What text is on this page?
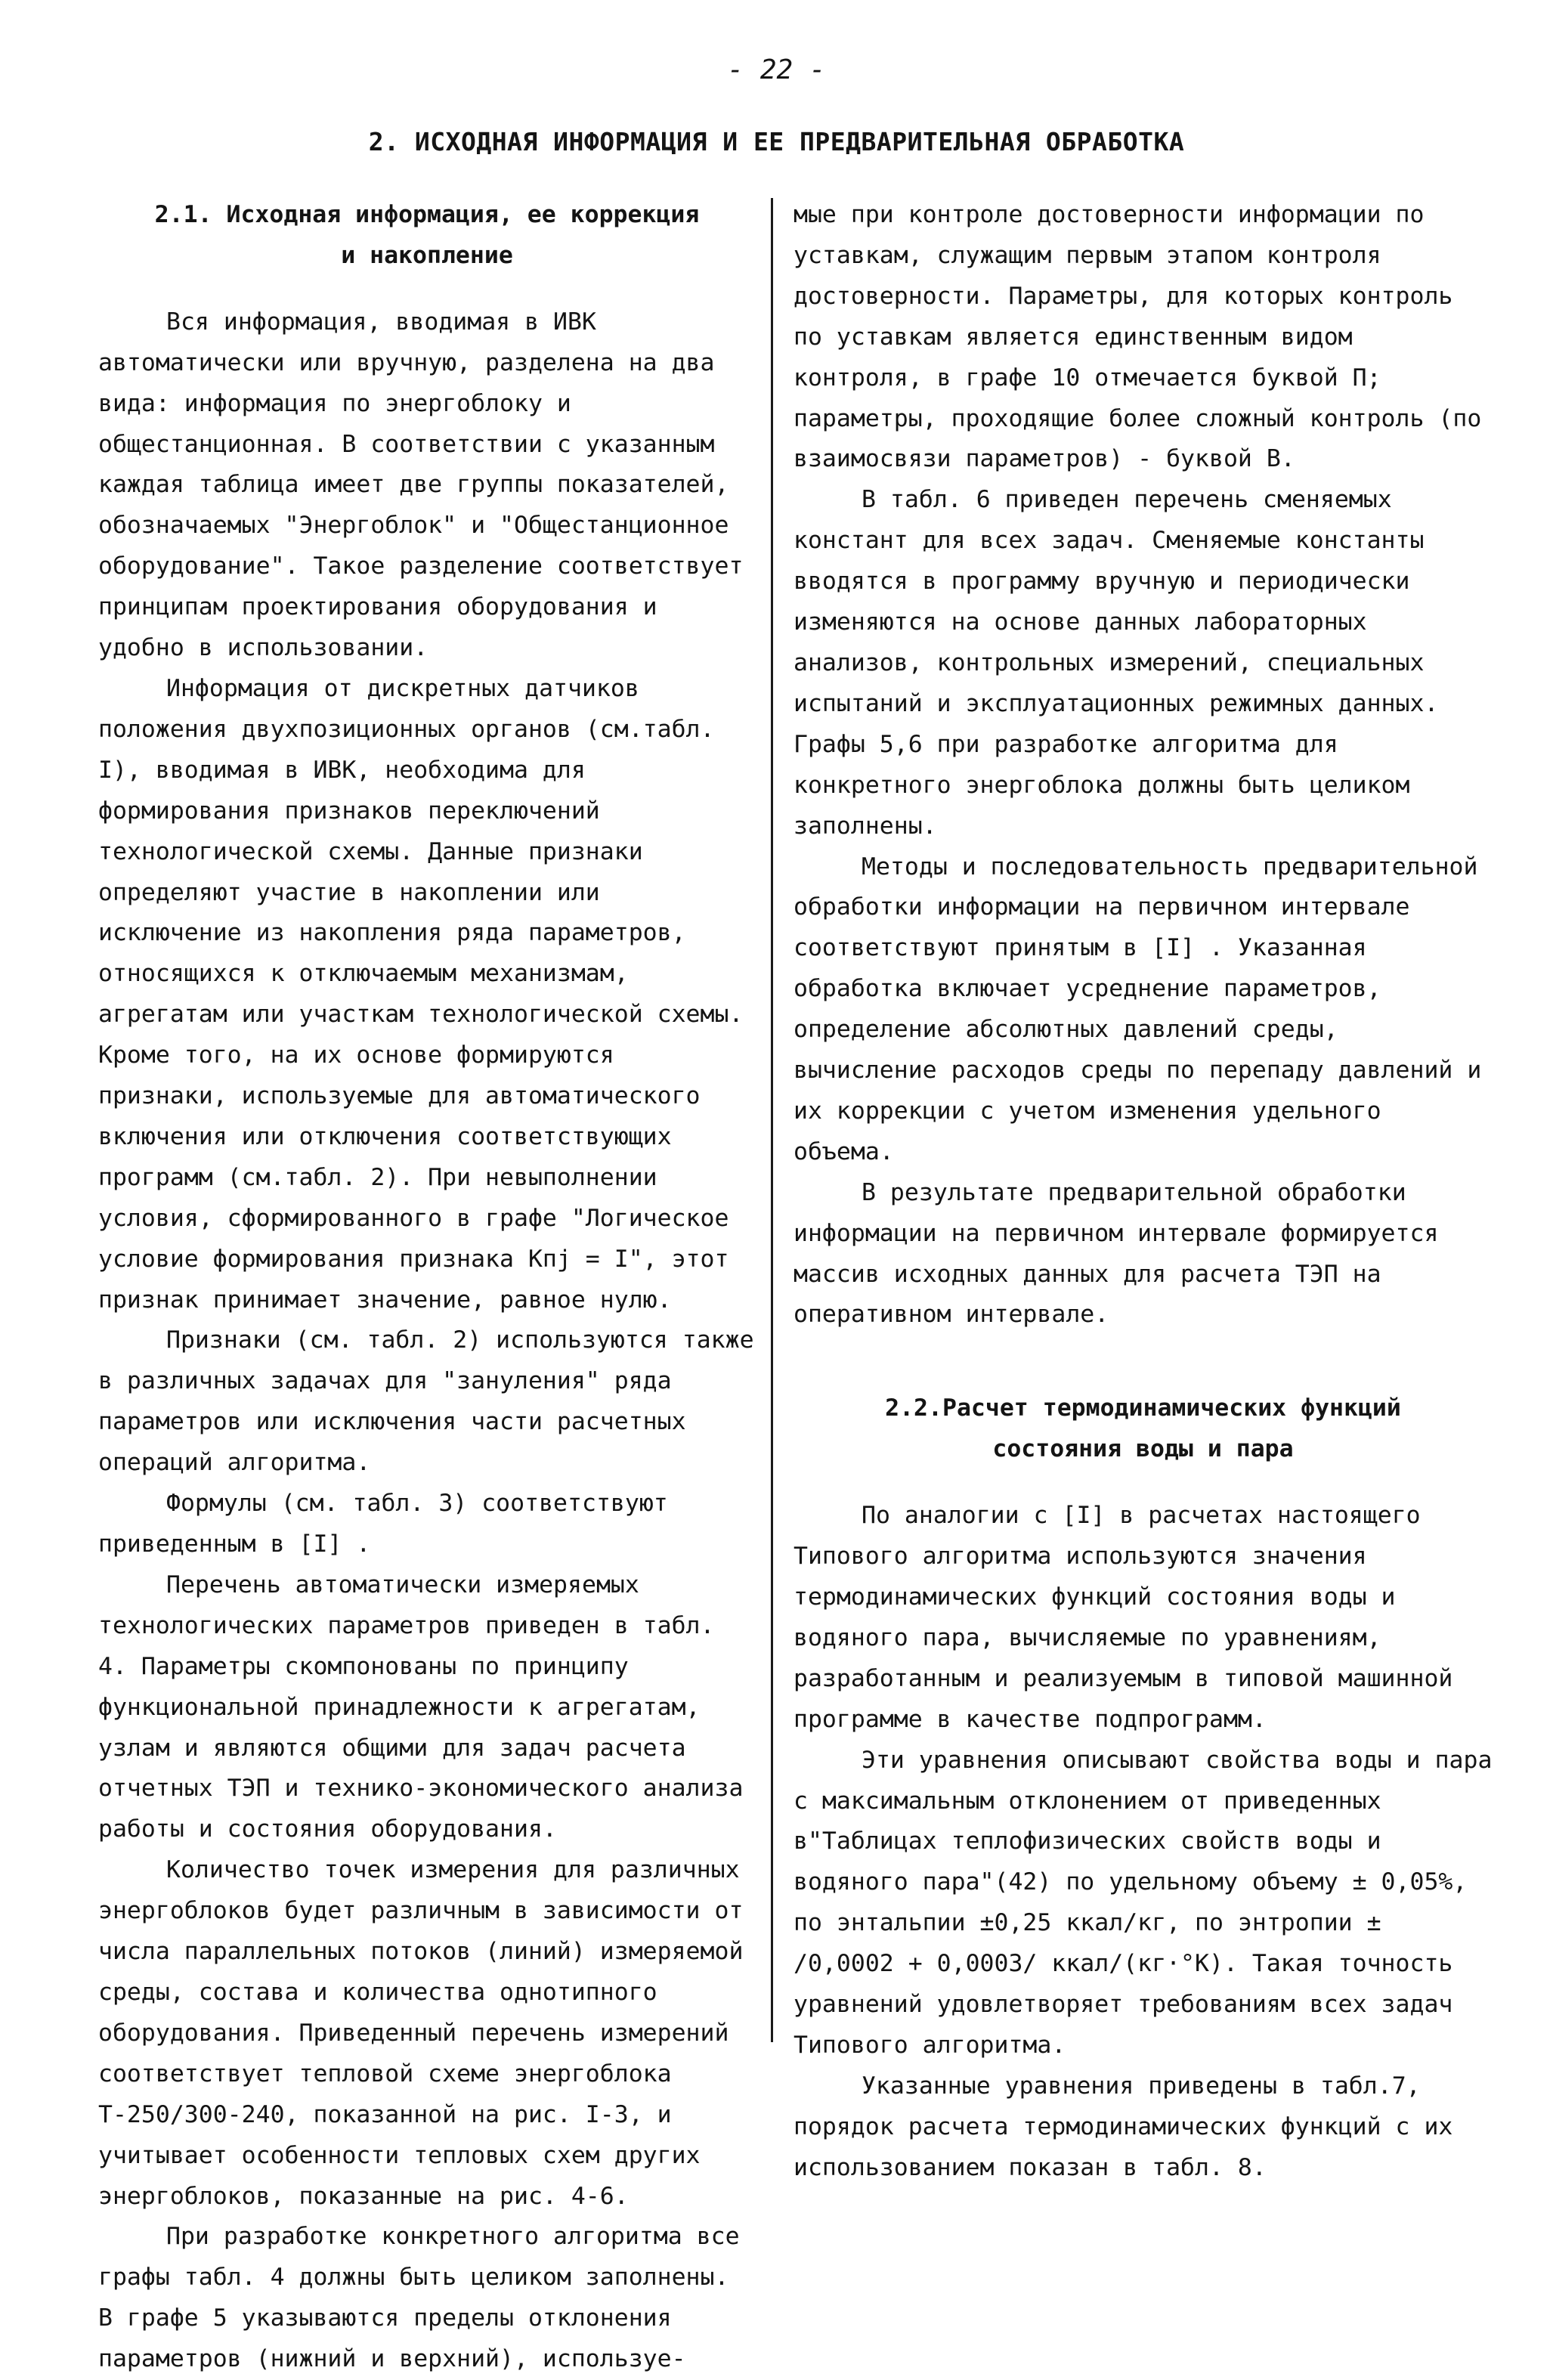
- 22 -
2. ИСХОДНАЯ ИНФОРМАЦИЯ И ЕЕ ПРЕДВАРИТЕЛЬНАЯ ОБРАБОТКА

2.1. Исходная информация, ее коррекция
и накопление

Вся информация, вводимая в ИВК автоматически или вручную, разделена на два вида: информация по энергоблоку и общестанционная. В соответствии с указанным каждая таблица имеет две группы показателей, обозначаемых "Энергоблок" и "Общестанционное оборудование". Такое разделение соответствует принципам проектирования оборудования и удобно в использовании.

Информация от дискретных датчиков положения двухпозиционных органов (см.табл. I), вводимая в ИВК, необходима для формирования признаков переключений технологической схемы. Данные признаки определяют участие в накоплении или исключение из накопления ряда параметров, относящихся к отключаемым механизмам, агрегатам или участкам технологической схемы. Кроме того, на их основе формируются признаки, используемые для автоматического включения или отключения соответствующих программ (см.табл. 2). При невыполнении условия, сформированного в графе "Логическое условие формирования признака Kпj = I", этот признак принимает значение, равное нулю.

Признаки (см. табл. 2) используются также в различных задачах для "зануления" ряда параметров или исключения части расчетных операций алгоритма.

Формулы (см. табл. 3) соответствуют приведенным в [I] .

Перечень автоматически измеряемых технологических параметров приведен в табл. 4. Параметры скомпонованы по принципу функциональной принадлежности к агрегатам, узлам и являются общими для задач расчета отчетных ТЭП и технико-экономического анализа работы и состояния оборудования.

Количество точек измерения для различных энергоблоков будет различным в зависимости от числа параллельных потоков (линий) измеряемой среды, состава и количества однотипного оборудования. Приведенный перечень измерений соответствует тепловой схеме энергоблока Т-250/300-240, показанной на рис. I-3, и учитывает особенности тепловых схем других энергоблоков, показанные на рис. 4-6.

При разработке конкретного алгоритма все графы табл. 4 должны быть целиком заполнены. В графе 5 указываются пределы отклонения параметров (нижний и верхний), используе-

мые при контроле достоверности информации по уставкам, служащим первым этапом контроля достоверности. Параметры, для которых контроль по уставкам является единственным видом контроля, в графе 10 отмечается буквой П; параметры, проходящие более сложный контроль (по взаимосвязи параметров) - буквой В.

В табл. 6 приведен перечень сменяемых констант для всех задач. Сменяемые константы вводятся в программу вручную и периодически изменяются на основе данных лабораторных анализов, контрольных измерений, специальных испытаний и эксплуатационных режимных данных. Графы 5,6 при разработке алгоритма для конкретного энергоблока должны быть целиком заполнены.

Методы и последовательность предварительной обработки информации на первичном интервале соответствуют принятым в [I] . Указанная обработка включает усреднение параметров, определение абсолютных давлений среды, вычисление расходов среды по перепаду давлений и их коррекции с учетом изменения удельного объема.

В результате предварительной обработки информации на первичном интервале формируется массив исходных данных для расчета ТЭП на оперативном интервале.

2.2.Расчет термодинамических функций
состояния воды и пара

По аналогии с [I] в расчетах настоящего Типового алгоритма используются значения термодинамических функций состояния воды и водяного пара, вычисляемые по уравнениям, разработанным и реализуемым в типовой машинной программе в качестве подпрограмм.

Эти уравнения описывают свойства воды и пара с максимальным отклонением от приведенных в"Таблицах теплофизических свойств воды и водяного пара"(42) по удельному объему ± 0,05%, по энтальпии ±0,25 ккал/кг, по энтропии ± /0,0002 + 0,0003/ ккал/(кг·°К). Такая точность уравнений удовлетворяет требованиям всех задач Типового алгоритма.

Указанные уравнения приведены в табл.7, порядок расчета термодинамических функций с их использованием показан в табл. 8.
